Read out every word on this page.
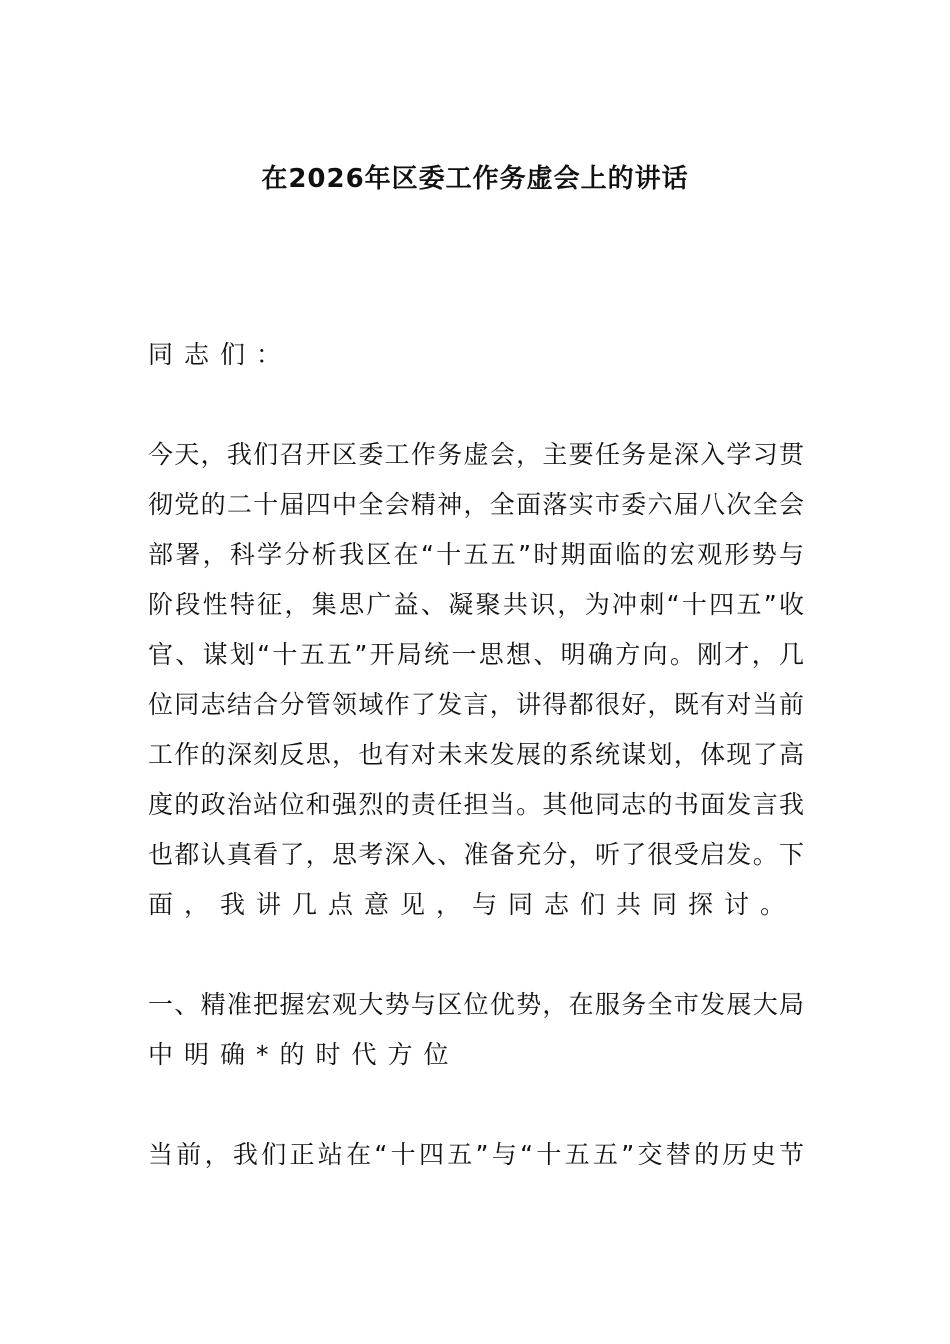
在2026年区委工作务虚会上的讲话
同志们：
今天，我们召开区委工作务虚会，主要任务是深入学习贯
彻党的二十届四中全会精神，全面落实市委六届八次全会
部署，科学分析我区在“十五五”时期面临的宏观形势与
阶段性特征，集思广益、凝聚共识，为冲刺“十四五”收
官、谋划“十五五”开局统一思想、明确方向。刚才，几
位同志结合分管领域作了发言，讲得都很好，既有对当前
工作的深刻反思，也有对未来发展的系统谋划，体现了高
度的政治站位和强烈的责任担当。其他同志的书面发言我
也都认真看了，思考深入、准备充分，听了很受启发。下
面，我讲几点意见，与同志们共同探讨。
一、精准把握宏观大势与区位优势，在服务全市发展大局
中明确*的时代方位
当前，我们正站在“十四五”与“十五五”交替的历史节
